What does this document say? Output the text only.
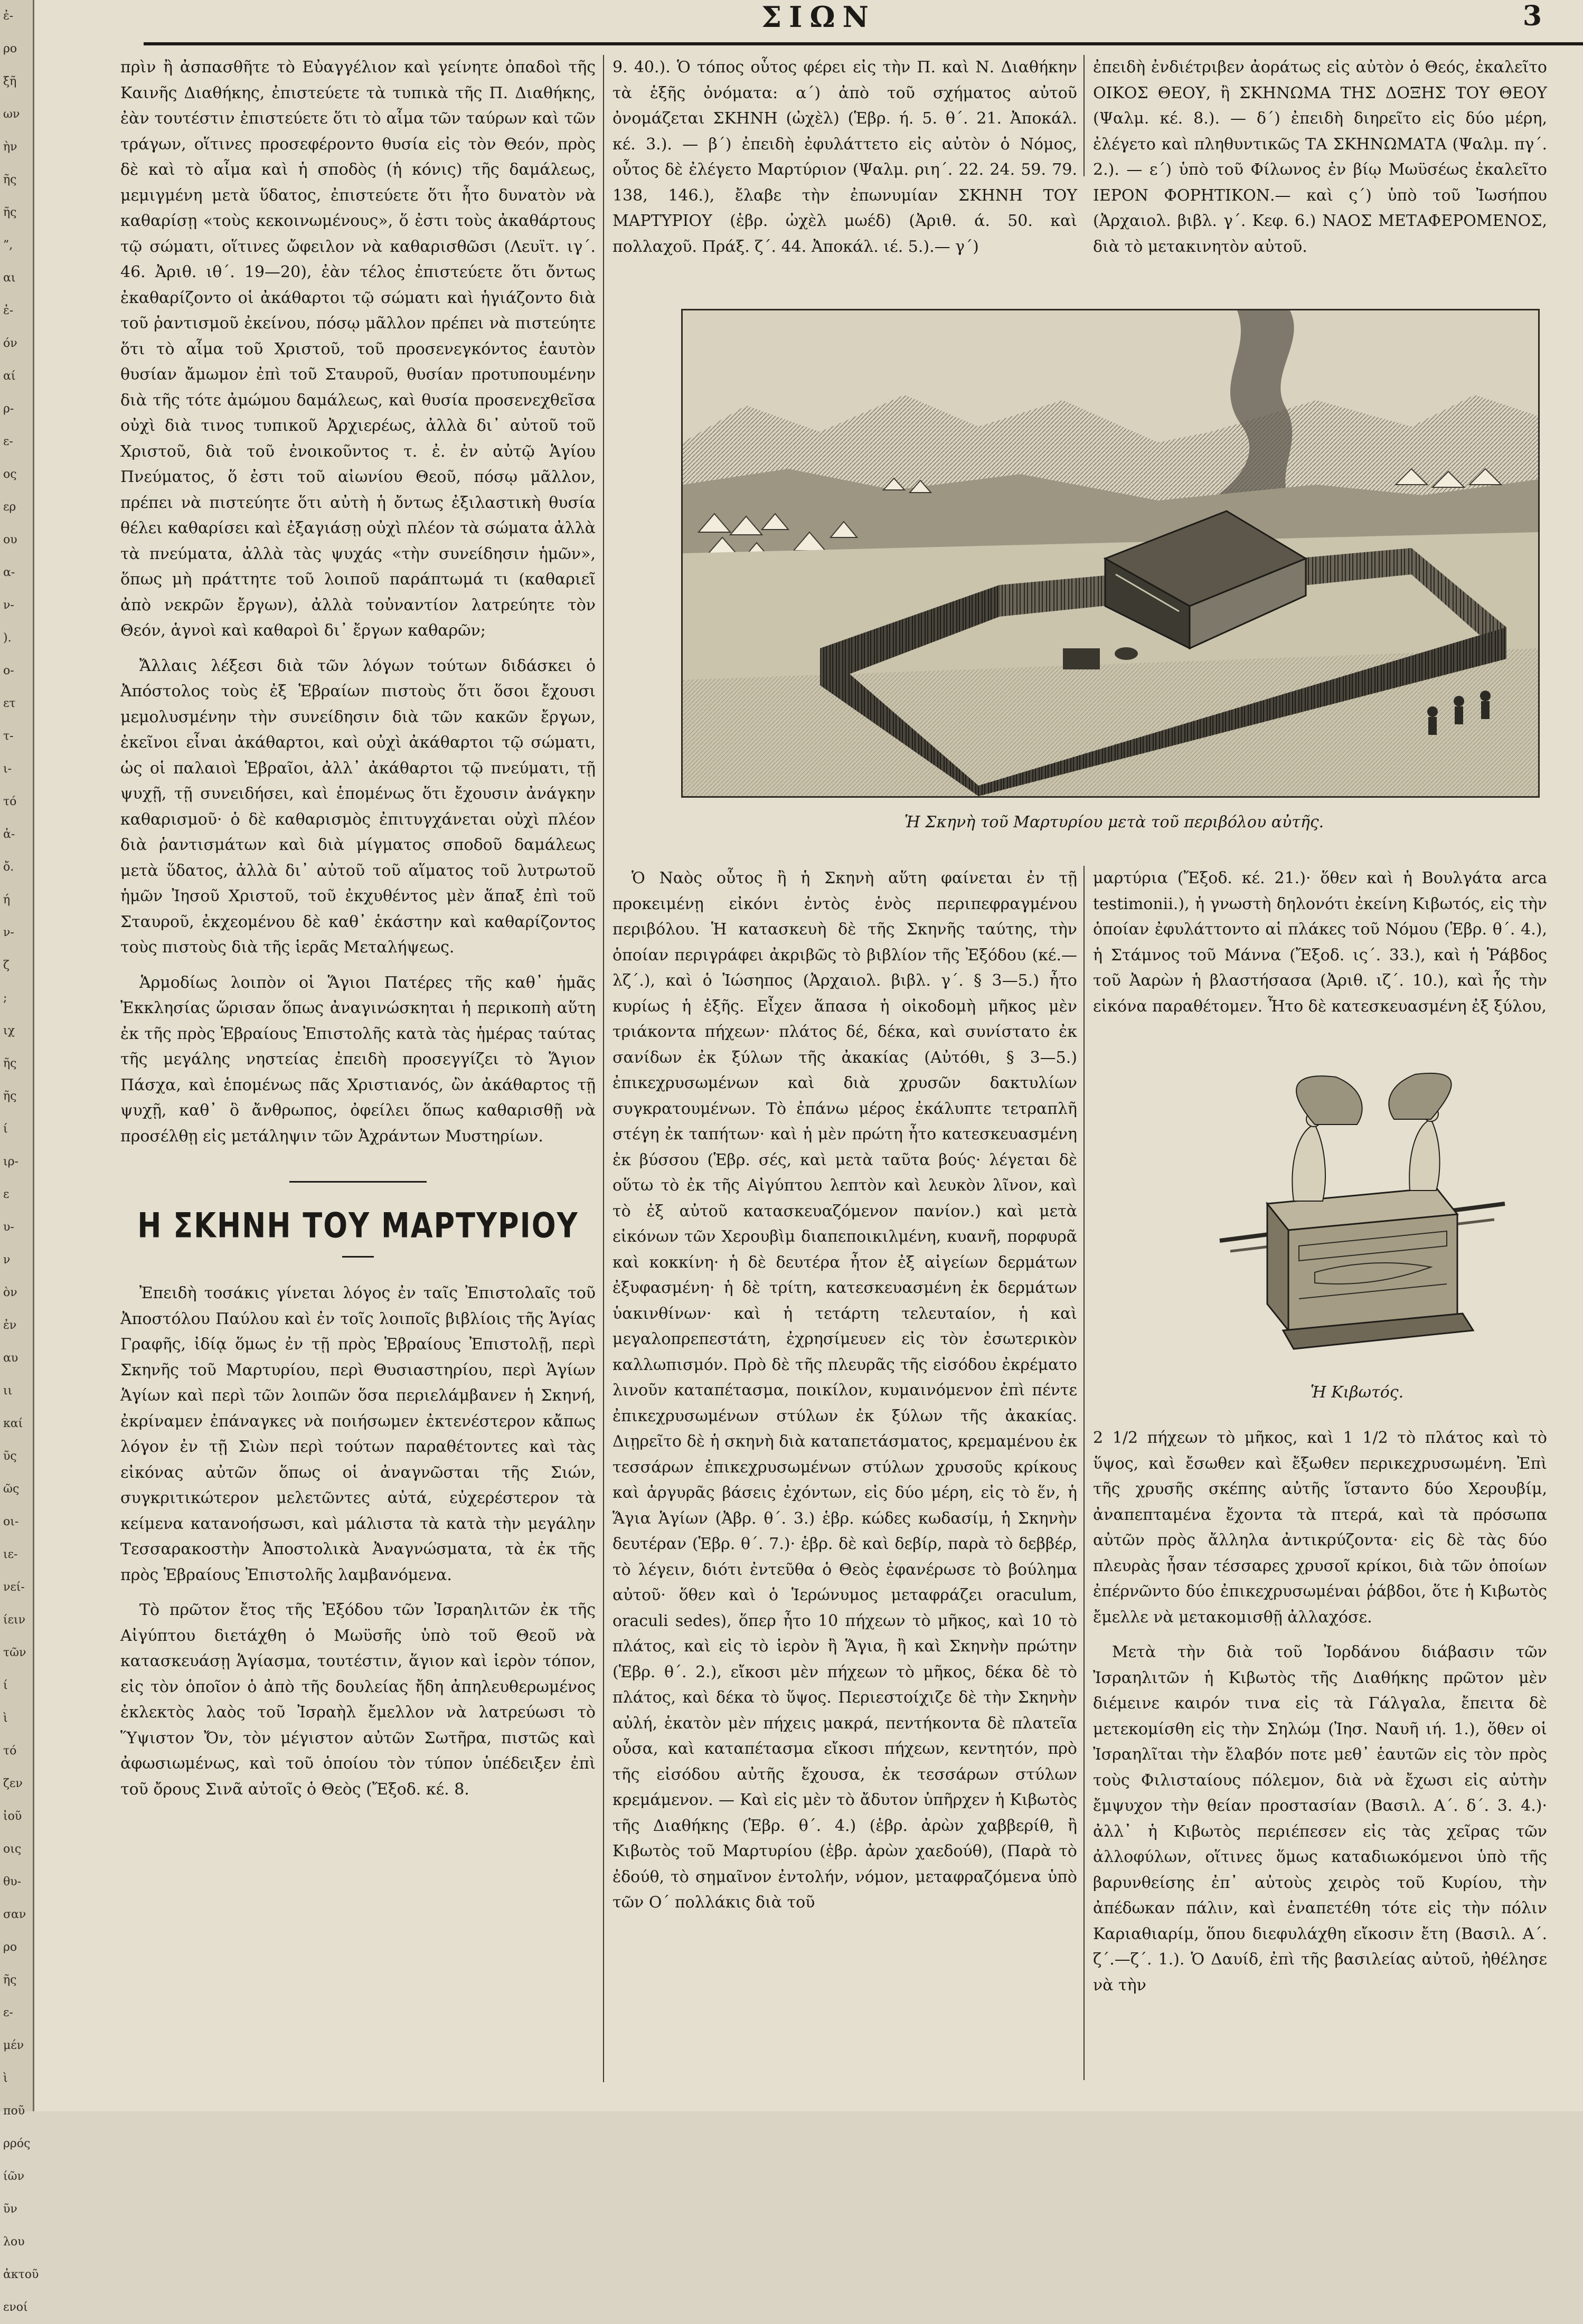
ἐ-
ρο
ξῆ
ων
ὴν
ῆς
ῆς
”,
αι
ἐ-
όν
αί
ρ-
ε-
ος
ερ
ου
α-
ν-
).
ο-
ετ
τ-
ι-
τό
ἀ-
ὄ.
ή
ν-
ζ
;
ιχ
ῆς
ῆς
ί
ιρ-
ε
υ-
ν
ὸν
ἐν
αυ
ιι
καί
ῦς
ῶς
οι-
ιε-
νεί-
ίειν
τῶν
ί
ὶ
τό
ζεν
ἰοῦ
οις
θυ-
σαν
ρο
ῆς
ε-
μέν
ὶ
ποῦ
ρρός
ίῶν
ῦν
λου
ἀκτοῦ
ενοί
ΣΙΩΝ	3

πρὶν ἢ ἀσπασθῆτε τὸ Εὐαγγέλιον καὶ γείνητε ὀπαδοὶ τῆς Καινῆς Διαθήκης, ἐπιστεύετε τὰ τυπικὰ τῆς Π. Διαθήκης, ἐὰν τουτέστιν ἐπιστεύετε ὅτι τὸ αἷμα τῶν ταύρων καὶ τῶν τράγων, οἵτινες προσεφέροντο θυσία εἰς τὸν Θεόν, πρὸς δὲ καὶ τὸ αἷμα καὶ ἡ σποδὸς (ἡ κόνις) τῆς δαμάλεως, μεμιγμένη μετὰ ὕδατος, ἐπιστεύετε ὅτι ἦτο δυνατὸν νὰ καθαρίσῃ «τοὺς κεκοινωμένους», ὅ ἐστι τοὺς ἀκαθάρτους τῷ σώματι, οἵτινες ὤφειλον νὰ καθαρισθῶσι (Λευϊτ. ιγ΄. 46. Ἀριθ. ιθ΄. 19—20), ἐὰν τέλος ἐπιστεύετε ὅτι ὄντως ἐκαθαρίζοντο οἱ ἀκάθαρτοι τῷ σώματι καὶ ἡγιάζοντο διὰ τοῦ ῥαντισμοῦ ἐκείνου, πόσῳ μᾶλλον πρέπει νὰ πιστεύητε ὅτι τὸ αἷμα τοῦ Χριστοῦ, τοῦ προσενεγκόντος ἑαυτὸν θυσίαν ἄμωμον ἐπὶ τοῦ Σταυροῦ, θυσίαν προτυπουμένην διὰ τῆς τότε ἀμώμου δαμάλεως, καὶ θυσία προσενεχθεῖσα οὐχὶ διὰ τινος τυπικοῦ Ἀρχιερέως, ἀλλὰ δι᾿ αὐτοῦ τοῦ Χριστοῦ, διὰ τοῦ ἐνοικοῦντος τ. ἐ. ἐν αὐτῷ Ἁγίου Πνεύματος, ὅ ἐστι τοῦ αἰωνίου Θεοῦ, πόσῳ μᾶλλον, πρέπει νὰ πιστεύητε ὅτι αὐτὴ ἡ ὄντως ἐξιλαστικὴ θυσία θέλει καθαρίσει καὶ ἐξαγιάσῃ οὐχὶ πλέον τὰ σώματα ἀλλὰ τὰ πνεύματα, ἀλλὰ τὰς ψυχάς «τὴν συνείδησιν ἡμῶν», ὅπως μὴ πράττητε τοῦ λοιποῦ παράπτωμά τι (καθαριεῖ ἀπὸ νεκρῶν ἔργων), ἀλλὰ τοὐναντίον λατρεύητε τὸν Θεόν, ἁγνοὶ καὶ καθαροὶ δι᾿ ἔργων καθαρῶν;

Ἄλλαις λέξεσι διὰ τῶν λόγων τούτων διδάσκει ὁ Ἀπόστολος τοὺς ἐξ Ἑβραίων πιστοὺς ὅτι ὅσοι ἔχουσι μεμολυσμένην τὴν συνείδησιν διὰ τῶν κακῶν ἔργων, ἐκεῖνοι εἶναι ἀκάθαρτοι, καὶ οὐχὶ ἀκάθαρτοι τῷ σώματι, ὡς οἱ παλαιοὶ Ἑβραῖοι, ἀλλ᾿ ἀκάθαρτοι τῷ πνεύματι, τῇ ψυχῇ, τῇ συνειδήσει, καὶ ἑπομένως ὅτι ἔχουσιν ἀνάγκην καθαρισμοῦ· ὁ δὲ καθαρισμὸς ἐπιτυγχάνεται οὐχὶ πλέον διὰ ῥαντισμάτων καὶ διὰ μίγματος σποδοῦ δαμάλεως μετὰ ὕδατος, ἀλλὰ δι᾿ αὐτοῦ τοῦ αἵματος τοῦ λυτρωτοῦ ἡμῶν Ἰησοῦ Χριστοῦ, τοῦ ἐκχυθέντος μὲν ἅπαξ ἐπὶ τοῦ Σταυροῦ, ἐκχεομένου δὲ καθ᾿ ἑκάστην καὶ καθαρίζοντος τοὺς πιστοὺς διὰ τῆς ἱερᾶς Μεταλήψεως.

Ἁρμοδίως λοιπὸν οἱ Ἅγιοι Πατέρες τῆς καθ᾿ ἡμᾶς Ἐκκλησίας ὥρισαν ὅπως ἀναγινώσκηται ἡ περικοπὴ αὕτη ἐκ τῆς πρὸς Ἑβραίους Ἐπιστολῆς κατὰ τὰς ἡμέρας ταύτας τῆς μεγάλης νηστείας ἐπειδὴ προσεγγίζει τὸ Ἅγιον Πάσχα, καὶ ἑπομένως πᾶς Χριστιανός, ὢν ἀκάθαρτος τῇ ψυχῇ, καθ᾿ ὃ ἄνθρωπος, ὀφείλει ὅπως καθαρισθῇ νὰ προσέλθῃ εἰς μετάληψιν τῶν Ἀχράντων Μυστηρίων.

Η ΣΚΗΝΗ ΤΟΥ ΜΑΡΤΥΡΙΟΥ

Ἐπειδὴ τοσάκις γίνεται λόγος ἐν ταῖς Ἐπιστολαῖς τοῦ Ἀποστόλου Παύλου καὶ ἐν τοῖς λοιποῖς βιβλίοις τῆς Ἁγίας Γραφῆς, ἰδίᾳ ὅμως ἐν τῇ πρὸς Ἑβραίους Ἐπιστολῇ, περὶ Σκηνῆς τοῦ Μαρτυρίου, περὶ Θυσιαστηρίου, περὶ Ἁγίων Ἁγίων καὶ περὶ τῶν λοιπῶν ὅσα περιελάμβανεν ἡ Σκηνή, ἐκρίναμεν ἐπάναγκες νὰ ποιήσωμεν ἐκτενέστερον κἄπως λόγον ἐν τῇ Σιὼν περὶ τούτων παραθέτοντες καὶ τὰς εἰκόνας αὐτῶν ὅπως οἱ ἀναγνῶσται τῆς Σιών, συγκριτικώτερον μελετῶντες αὐτά, εὐχερέστερον τὰ κείμενα κατανοήσωσι, καὶ μάλιστα τὰ κατὰ τὴν μεγάλην Τεσσαρακοστὴν Ἀποστολικὰ Ἀναγνώσματα, τὰ ἐκ τῆς πρὸς Ἑβραίους Ἐπιστολῆς λαμβανόμενα.

Τὸ πρῶτον ἔτος τῆς Ἐξόδου τῶν Ἰσραηλιτῶν ἐκ τῆς Αἰγύπτου διετάχθη ὁ Μωϋσῆς ὑπὸ τοῦ Θεοῦ νὰ κατασκευάσῃ Ἁγίασμα, τουτέστιν, ἅγιον καὶ ἱερὸν τόπον, εἰς τὸν ὁποῖον ὁ ἀπὸ τῆς δουλείας ἤδη ἀπηλευθερωμένος ἐκλεκτὸς λαὸς τοῦ Ἰσραὴλ ἔμελλον νὰ λατρεύωσι τὸ Ὕψιστον Ὄν, τὸν μέγιστον αὐτῶν Σωτῆρα, πιστῶς καὶ ἀφωσιωμένως, καὶ τοῦ ὁποίου τὸν τύπον ὑπέδειξεν ἐπὶ τοῦ ὄρους Σινᾶ αὐτοῖς ὁ Θεὸς (Ἔξοδ. κέ. 8.

9. 40.). Ὁ τόπος οὗτος φέρει εἰς τὴν Π. καὶ Ν. Διαθήκην τὰ ἑξῆς ὀνόματα: α΄) ἀπὸ τοῦ σχήματος αὐτοῦ ὀνομάζεται ΣΚΗΝΗ (ὠχὲλ) (Ἑβρ. ή. 5. θ΄. 21. Ἀποκάλ. κέ. 3.). — β΄) ἐπειδὴ ἐφυλάττετο εἰς αὐτὸν ὁ Νόμος, οὗτος δὲ ἐλέγετο Μαρτύριον (Ψαλμ. ριη΄. 22. 24. 59. 79. 138, 146.), ἔλαβε τὴν ἐπωνυμίαν ΣΚΗΝΗ ΤΟΥ ΜΑΡΤΥΡΙΟΥ (ἑβρ. ὠχὲλ μωέδ) (Ἀριθ. ά. 50. καὶ πολλαχοῦ. Πράξ. ζ΄. 44. Ἀποκάλ. ιέ. 5.).— γ΄)

ἐπειδὴ ἐνδιέτριβεν ἀοράτως εἰς αὐτὸν ὁ Θεός, ἐκαλεῖτο ΟΙΚΟΣ ΘΕΟΥ, ἢ ΣΚΗΝΩΜΑ ΤΗΣ ΔΟΞΗΣ ΤΟΥ ΘΕΟΥ (Ψαλμ. κέ. 8.). — δ΄) ἐπειδὴ διηρεῖτο εἰς δύο μέρη, ἐλέγετο καὶ πληθυντικῶς ΤΑ ΣΚΗΝΩΜΑΤΑ (Ψαλμ. πγ΄. 2.). — ε΄) ὑπὸ τοῦ Φίλωνος ἐν βίῳ Μωϋσέως ἐκαλεῖτο ΙΕΡΟΝ ΦΟΡΗΤΙΚΟΝ.— καὶ ς΄) ὑπὸ τοῦ Ἰωσήπου (Ἀρχαιολ. βιβλ. γ΄. Κεφ. 6.) ΝΑΟΣ ΜΕΤΑΦΕΡΟΜΕΝΟΣ, διὰ τὸ μετακινητὸν αὐτοῦ.

Ἡ Σκηνὴ τοῦ Μαρτυρίου μετὰ τοῦ περιβόλου αὐτῆς.

Ὁ Ναὸς οὗτος ἢ ἡ Σκηνὴ αὕτη φαίνεται ἐν τῇ προκειμένῃ εἰκόνι ἐντὸς ἑνὸς περιπεφραγμένου περιβόλου. Ἡ κατασκευὴ δὲ τῆς Σκηνῆς ταύτης, τὴν ὁποίαν περιγράφει ἀκριβῶς τὸ βιβλίον τῆς Ἐξόδου (κέ.—λζ΄.), καὶ ὁ Ἰώσηπος (Ἀρχαιολ. βιβλ. γ΄. § 3—5.) ἦτο κυρίως ἡ ἑξῆς. Εἶχεν ἅπασα ἡ οἰκοδομὴ μῆκος μὲν τριάκοντα πήχεων· πλάτος δέ, δέκα, καὶ συνίστατο ἐκ σανίδων ἐκ ξύλων τῆς ἀκακίας (Αὐτόθι, § 3—5.) ἐπικεχρυσωμένων καὶ διὰ χρυσῶν δακτυλίων συγκρατουμένων. Τὸ ἐπάνω μέρος ἐκάλυπτε τετραπλῆ στέγη ἐκ ταπήτων· καὶ ἡ μὲν πρώτη ἦτο κατεσκευασμένη ἐκ βύσσου (Ἑβρ. σές, καὶ μετὰ ταῦτα βούς· λέγεται δὲ οὕτω τὸ ἐκ τῆς Αἰγύπτου λεπτὸν καὶ λευκὸν λῖνον, καὶ τὸ ἐξ αὐτοῦ κατασκευαζόμενον πανίον.) καὶ μετὰ εἰκόνων τῶν Χερουβὶμ διαπεποικιλμένη, κυανῆ, πορφυρᾶ καὶ κοκκίνη· ἡ δὲ δευτέρα ἦτον ἐξ αἰγείων δερμάτων ἐξυφασμένη· ἡ δὲ τρίτη, κατεσκευασμένη ἐκ δερμάτων ὑακινθίνων· καὶ ἡ τετάρτη τελευταίον, ἡ καὶ μεγαλοπρεπεστάτη, ἐχρησίμευεν εἰς τὸν ἐσωτερικὸν καλλωπισμόν. Πρὸ δὲ τῆς πλευρᾶς τῆς εἰσόδου ἐκρέματο λινοῦν καταπέτασμα, ποικίλον, κυμαινόμενον ἐπὶ πέντε ἐπικεχρυσωμένων στύλων ἐκ ξύλων τῆς ἀκακίας. Διῃρεῖτο δὲ ἡ σκηνὴ διὰ καταπετάσματος, κρεμαμένου ἐκ τεσσάρων ἐπικεχρυσωμένων στύλων χρυσοῦς κρίκους καὶ ἀργυρᾶς βάσεις ἐχόντων, εἰς δύο μέρη, εἰς τὸ ἕν, ἡ Ἅγια Ἁγίων (Ἀβρ. θ΄. 3.) ἑβρ. κώδες κωδασίμ, ἡ Σκηνὴν δευτέραν (Ἑβρ. θ΄. 7.)· ἑβρ. δὲ καὶ δεβίρ, παρὰ τὸ δεββέρ, τὸ λέγειν, διότι ἐντεῦθα ὁ Θεὸς ἐφανέρωσε τὸ βούλημα αὐτοῦ· ὅθεν καὶ ὁ Ἱερώνυμος μεταφράζει oraculum, oraculi sedes), ὅπερ ἦτο 10 πήχεων τὸ μῆκος, καὶ 10 τὸ πλάτος, καὶ εἰς τὸ ἱερὸν ἢ Ἅγια, ἢ καὶ Σκηνὴν πρώτην (Ἑβρ. θ΄. 2.), εἴκοσι μὲν πήχεων τὸ μῆκος, δέκα δὲ τὸ πλάτος, καὶ δέκα τὸ ὕψος. Περιεστοίχιζε δὲ τὴν Σκηνὴν αὐλή, ἑκατὸν μὲν πήχεις μακρά, πεντήκοντα δὲ πλατεῖα οὖσα, καὶ καταπέτασμα εἴκοσι πήχεων, κεντητόν, πρὸ τῆς εἰσόδου αὐτῆς ἔχουσα, ἐκ τεσσάρων στύλων κρεμάμενον. — Καὶ εἰς μὲν τὸ ἄδυτον ὑπῆρχεν ἡ Κιβωτὸς τῆς Διαθήκης (Ἑβρ. θ΄. 4.) (ἑβρ. ἀρὼν χαββερίθ, ἢ Κιβωτὸς τοῦ Μαρτυρίου (ἑβρ. ἀρὼν χαεδούθ), (Παρὰ τὸ ἐδούθ, τὸ σημαῖνον ἐντολήν, νόμον, μεταφραζόμενα ὑπὸ τῶν Ο΄ πολλάκις διὰ τοῦ

μαρτύρια (Ἔξοδ. κέ. 21.)· ὅθεν καὶ ἡ Βουλγάτα arca testimonii.), ἡ γνωστὴ δηλονότι ἐκείνη Κιβωτός, εἰς τὴν ὁποίαν ἐφυλάττοντο αἱ πλάκες τοῦ Νόμου (Ἑβρ. θ΄. 4.), ἡ Στάμνος τοῦ Μάννα (Ἔξοδ. ις΄. 33.), καὶ ἡ Ῥάβδος τοῦ Ἀαρὼν ἡ βλαστήσασα (Ἀριθ. ιζ΄. 10.), καὶ ἧς τὴν εἰκόνα παραθέτομεν. Ἦτο δὲ κατεσκευασμένη ἐξ ξύλου,

Ἡ Κιβωτός.

2 1/2 πήχεων τὸ μῆκος, καὶ 1 1/2 τὸ πλάτος καὶ τὸ ὕψος, καὶ ἔσωθεν καὶ ἔξωθεν περικεχρυσωμένη. Ἐπὶ τῆς χρυσῆς σκέπης αὐτῆς ἵσταντο δύο Χερουβίμ, ἀναπεπταμένα ἔχοντα τὰ πτερά, καὶ τὰ πρόσωπα αὐτῶν πρὸς ἄλληλα ἀντικρύζοντα· εἰς δὲ τὰς δύο πλευρὰς ἦσαν τέσσαρες χρυσοῖ κρίκοι, διὰ τῶν ὁποίων ἐπέρνῶντο δύο ἐπικεχρυσωμέναι ῥάβδοι, ὅτε ἡ Κιβωτὸς ἔμελλε νὰ μετακομισθῇ ἀλλαχόσε.

Μετὰ τὴν διὰ τοῦ Ἰορδάνου διάβασιν τῶν Ἰσραηλιτῶν ἡ Κιβωτὸς τῆς Διαθήκης πρῶτον μὲν διέμεινε καιρόν τινα εἰς τὰ Γάλγαλα, ἔπειτα δὲ μετεκομίσθη εἰς τὴν Σηλώμ (Ἰησ. Ναυῆ ιή. 1.), ὅθεν οἱ Ἰσραηλῖται τὴν ἔλαβόν ποτε μεθ᾿ ἑαυτῶν εἰς τὸν πρὸς τοὺς Φιλισταίους πόλεμον, διὰ νὰ ἔχωσι εἰς αὐτὴν ἔμψυχον τὴν θείαν προστασίαν (Βασιλ. Α΄. δ΄. 3. 4.)· ἀλλ᾿ ἡ Κιβωτὸς περιέπεσεν εἰς τὰς χεῖρας τῶν ἀλλοφύλων, οἵτινες ὅμως καταδιωκόμενοι ὑπὸ τῆς βαρυνθείσης ἐπ᾿ αὐτοὺς χειρὸς τοῦ Κυρίου, τὴν ἀπέδωκαν πάλιν, καὶ ἐναπετέθη τότε εἰς τὴν πόλιν Καριαθιαρίμ, ὅπου διεφυλάχθη εἴκοσιν ἔτη (Βασιλ. Α΄. ζ΄.—ζ΄. 1.). Ὁ Δαυίδ, ἐπὶ τῆς βασιλείας αὐτοῦ, ἠθέλησε νὰ τὴν
